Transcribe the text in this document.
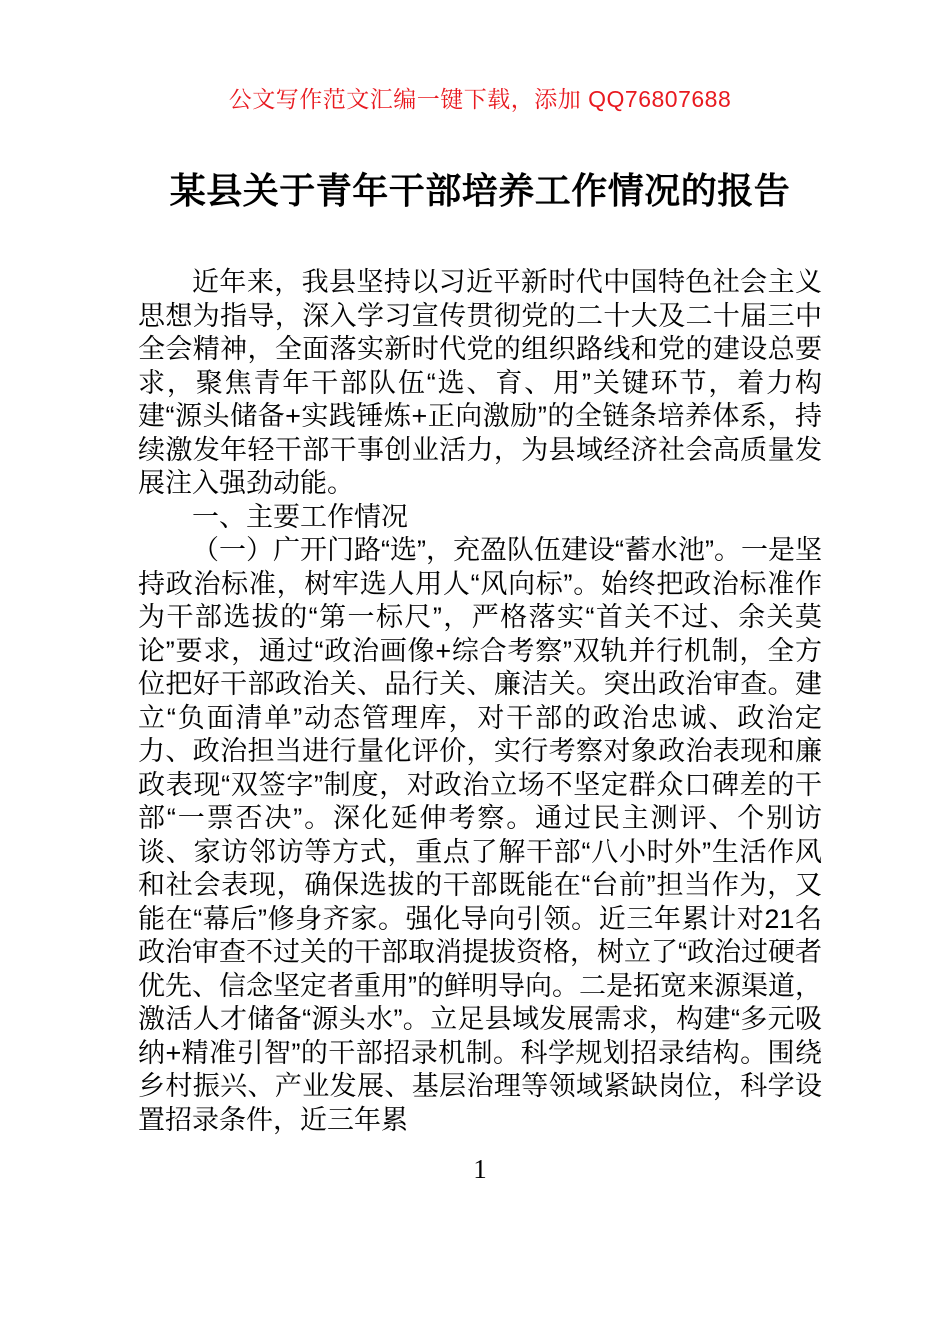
公文写作范文汇编一键下载，添加 QQ76807688
某县关于青年干部培养工作情况的报告

近年来，我县坚持以习近平新时代中国特色社会主义思想为指导，深入学习宣传贯彻党的二十大及二十届三中全会精神，全面落实新时代党的组织路线和党的建设总要求，聚焦青年干部队伍“选、育、用”关键环节，着力构建“源头储备+实践锤炼+正向激励”的全链条培养体系，持续激发年轻干部干事创业活力，为县域经济社会高质量发展注入强劲动能。

一、主要工作情况

（一）广开门路“选”，充盈队伍建设“蓄水池”。一是坚持政治标准，树牢选人用人“风向标”。始终把政治标准作为干部选拔的“第一标尺”，严格落实“首关不过、余关莫论”要求，通过“政治画像+综合考察”双轨并行机制，全方位把好干部政治关、品行关、廉洁关。突出政治审查。建立“负面清单”动态管理库，对干部的政治忠诚、政治定力、政治担当进行量化评价，实行考察对象政治表现和廉政表现“双签字”制度，对政治立场不坚定群众口碑差的干部“一票否决”。深化延伸考察。通过民主测评、个别访谈、家访邻访等方式，重点了解干部“八小时外”生活作风和社会表现，确保选拔的干部既能在“台前”担当作为，又能在“幕后”修身齐家。强化导向引领。近三年累计对21名政治审查不过关的干部取消提拔资格，树立了“政治过硬者优先、信念坚定者重用”的鲜明导向。二是拓宽来源渠道，激活人才储备“源头水”。立足县域发展需求，构建“多元吸纳+精准引智”的干部招录机制。科学规划招录结构。围绕乡村振兴、产业发展、基层治理等领域紧缺岗位，科学设置招录条件，近三年累

1
